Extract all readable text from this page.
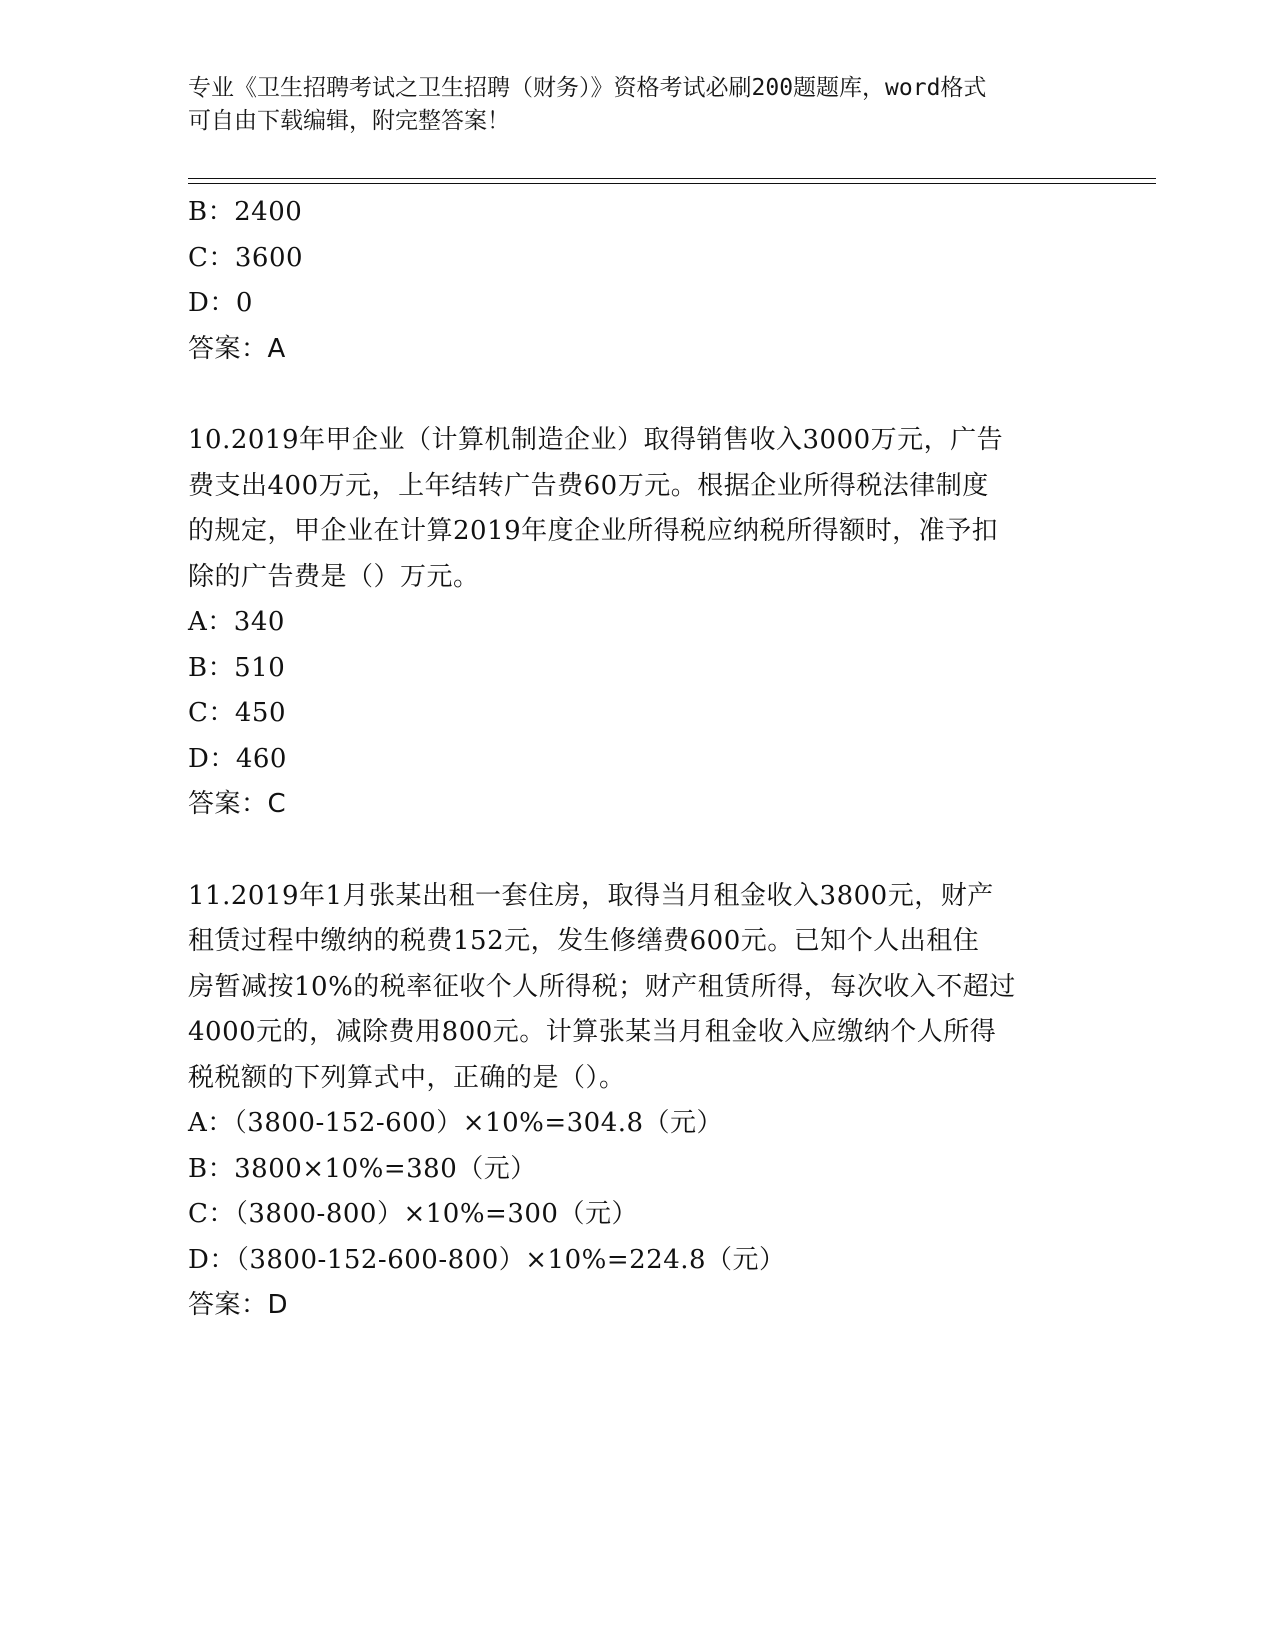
专业《卫生招聘考试之卫生招聘（财务）》资格考试必刷200题题库，word格式
可自由下载编辑，附完整答案！
B：2400
C：3600
D：0
答案：A
10.2019年甲企业（计算机制造企业）取得销售收入3000万元，广告
费支出400万元，上年结转广告费60万元。根据企业所得税法律制度
的规定，甲企业在计算2019年度企业所得税应纳税所得额时，准予扣
除的广告费是（）万元。
A：340
B：510
C：450
D：460
答案：C
11.2019年1月张某出租一套住房，取得当月租金收入3800元，财产
租赁过程中缴纳的税费152元，发生修缮费600元。已知个人出租住
房暂减按10%的税率征收个人所得税；财产租赁所得，每次收入不超过
4000元的，减除费用800元。计算张某当月租金收入应缴纳个人所得
税税额的下列算式中，正确的是（）。
A：（3800-152-600）×10%=304.8（元）
B：3800×10%=380（元）
C：（3800-800）×10%=300（元）
D：（3800-152-600-800）×10%=224.8（元）
答案：D
